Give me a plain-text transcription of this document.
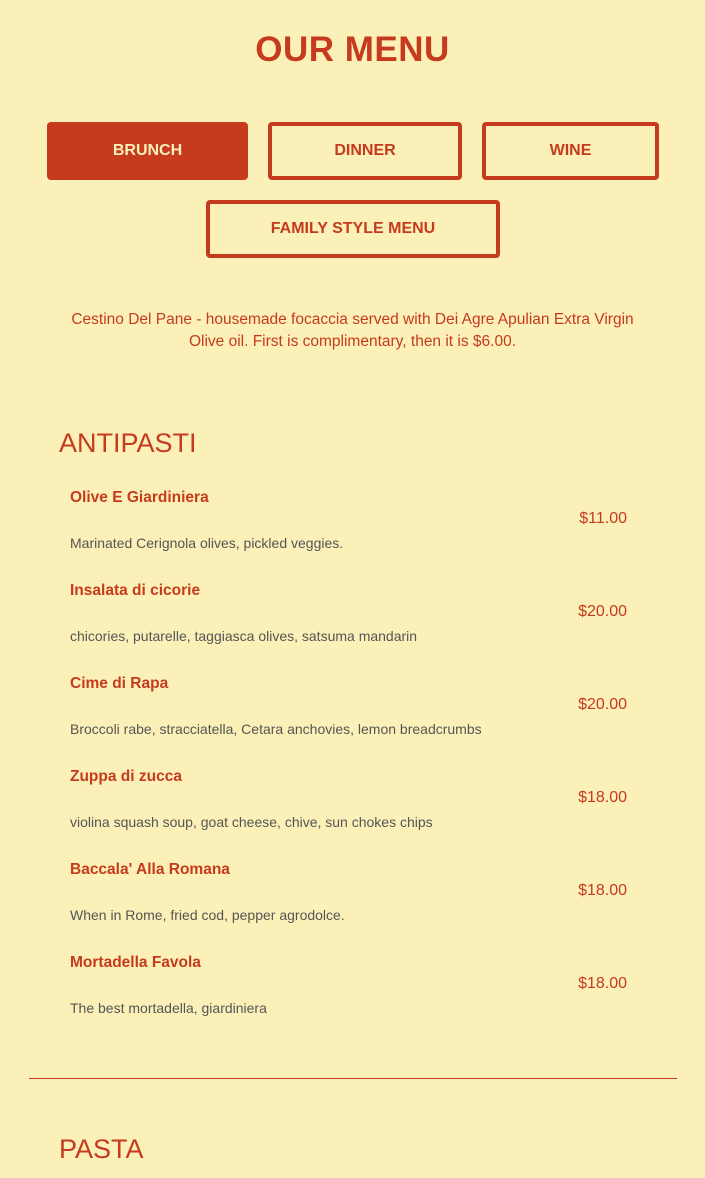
OUR MENU
BRUNCH	DINNER	WINE
FAMILY STYLE MENU
Cestino Del Pane - housemade focaccia served with Dei Agre Apulian Extra Virgin Olive oil. First is complimentary, then it is $6.00.
ANTIPASTI
Olive E Giardiniera
$11.00
Marinated Cerignola olives, pickled veggies.
Insalata di cicorie
$20.00
chicories, putarelle, taggiasca olives, satsuma mandarin
Cime di Rapa
$20.00
Broccoli rabe, stracciatella, Cetara anchovies, lemon breadcrumbs
Zuppa di zucca
$18.00
violina squash soup, goat cheese, chive, sun chokes chips
Baccala' Alla Romana
$18.00
When in Rome, fried cod, pepper agrodolce.
Mortadella Favola
$18.00
The best mortadella, giardiniera
PASTA
